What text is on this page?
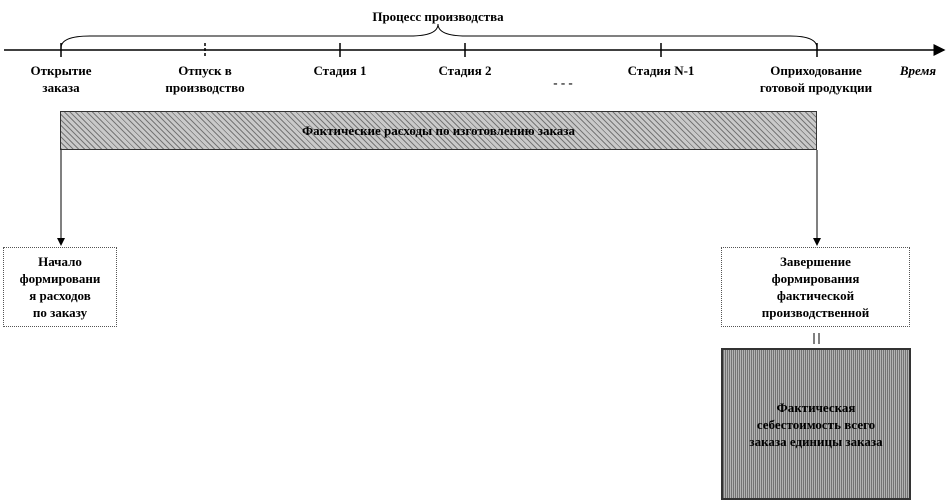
Процесс производства
Время
Открытие
заказа
Отпуск в
производство
Стадия 1	Стадия 2
- - -
Стадия N-1	Оприходование
готовой продукции
Фактические расходы по изготовлению заказа
Начало
формировани
я расходов
по заказу
Завершение
формирования
фактической
производственной
Фактическая
себестоимость всего
заказа единицы заказа
